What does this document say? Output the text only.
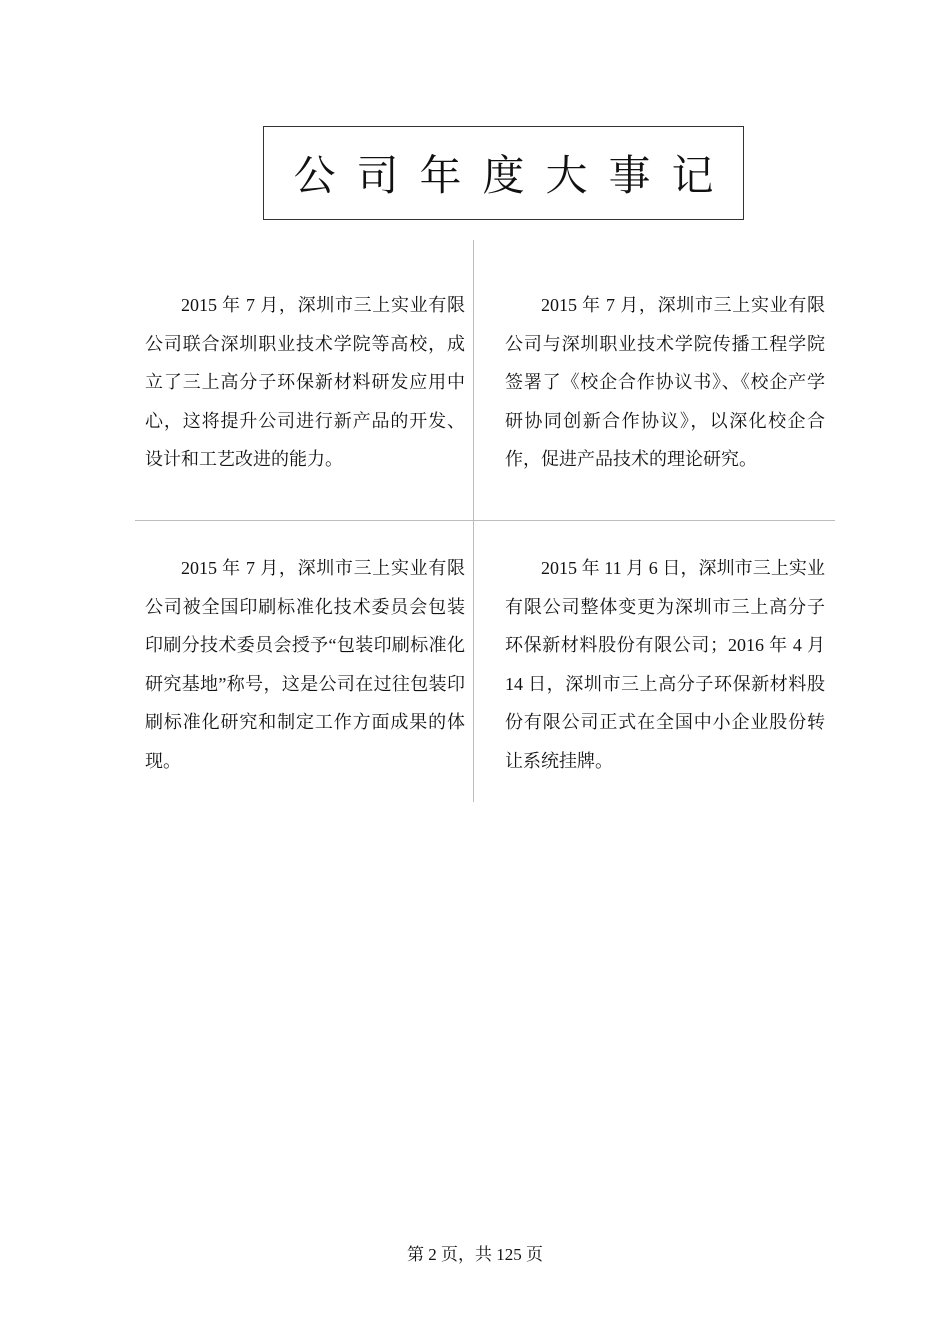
公司年度大事记

2015 年 7 月，深圳市三上实业有限公司联合深圳职业技术学院等高校，成立了三上高分子环保新材料研发应用中心，这将提升公司进行新产品的开发、设计和工艺改进的能力。

2015 年 7 月，深圳市三上实业有限公司与深圳职业技术学院传播工程学院签署了《校企合作协议书》、《校企产学研协同创新合作协议》，以深化校企合作，促进产品技术的理论研究。

2015 年 7 月，深圳市三上实业有限公司被全国印刷标准化技术委员会包装印刷分技术委员会授予“包装印刷标准化研究基地”称号，这是公司在过往包装印刷标准化研究和制定工作方面成果的体现。

2015 年 11 月 6 日，深圳市三上实业有限公司整体变更为深圳市三上高分子环保新材料股份有限公司；2016 年 4 月 14 日，深圳市三上高分子环保新材料股份有限公司正式在全国中小企业股份转让系统挂牌。

第 2 页，共 125 页
